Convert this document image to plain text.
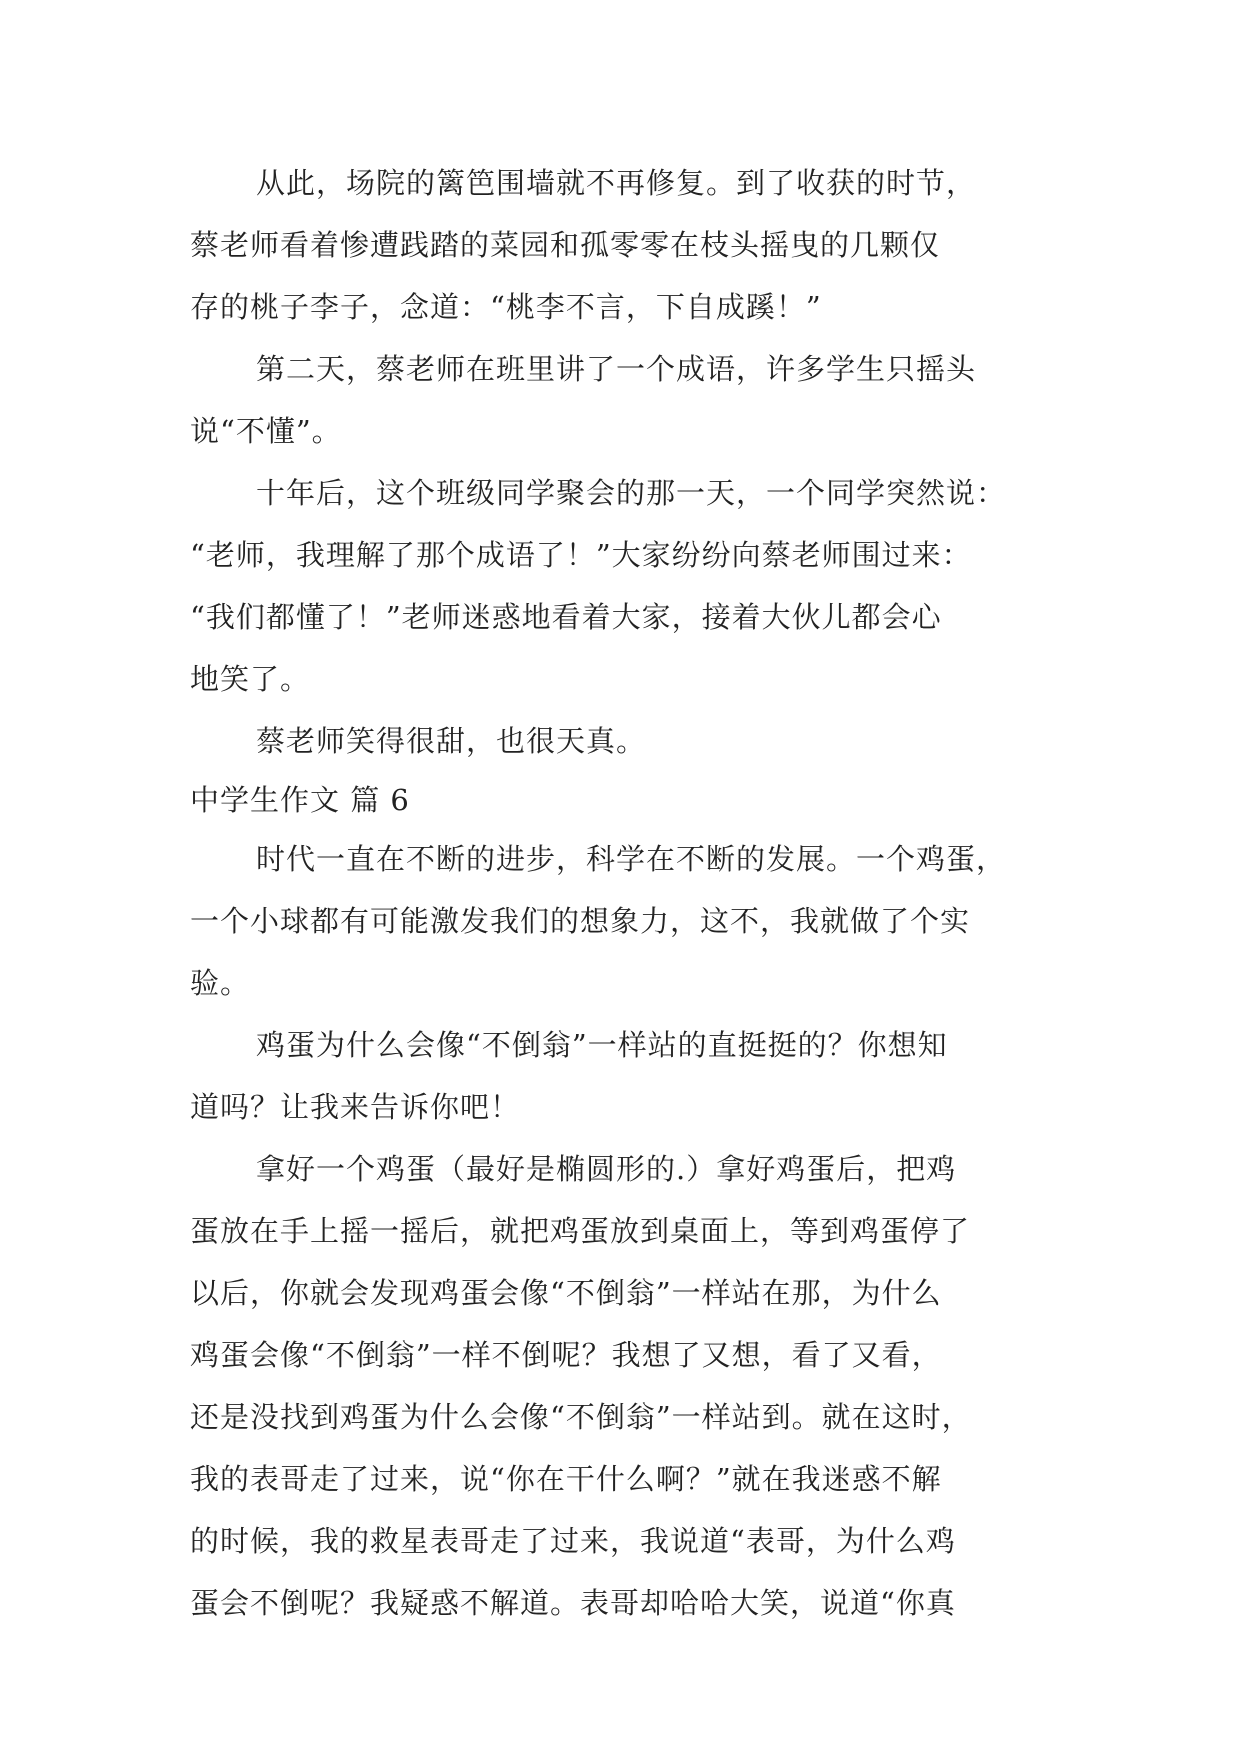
从此，场院的篱笆围墙就不再修复。到了收获的时节，
蔡老师看着惨遭践踏的菜园和孤零零在枝头摇曳的几颗仅
存的桃子李子，念道：“桃李不言，下自成蹊！”
第二天，蔡老师在班里讲了一个成语，许多学生只摇头
说“不懂”。
十年后，这个班级同学聚会的那一天，一个同学突然说：
“老师，我理解了那个成语了！”大家纷纷向蔡老师围过来：
“我们都懂了！”老师迷惑地看着大家，接着大伙儿都会心
地笑了。
蔡老师笑得很甜，也很天真。
中学生作文 篇 6
时代一直在不断的进步，科学在不断的发展。一个鸡蛋，
一个小球都有可能激发我们的想象力，这不，我就做了个实
验。
鸡蛋为什么会像“不倒翁”一样站的直挺挺的？你想知
道吗？让我来告诉你吧！
拿好一个鸡蛋（最好是椭圆形的.）拿好鸡蛋后，把鸡
蛋放在手上摇一摇后，就把鸡蛋放到桌面上，等到鸡蛋停了
以后，你就会发现鸡蛋会像“不倒翁”一样站在那，为什么
鸡蛋会像“不倒翁”一样不倒呢？我想了又想，看了又看，
还是没找到鸡蛋为什么会像“不倒翁”一样站到。就在这时，
我的表哥走了过来，说“你在干什么啊？”就在我迷惑不解
的时候，我的救星表哥走了过来，我说道“表哥，为什么鸡
蛋会不倒呢？我疑惑不解道。表哥却哈哈大笑，说道“你真
